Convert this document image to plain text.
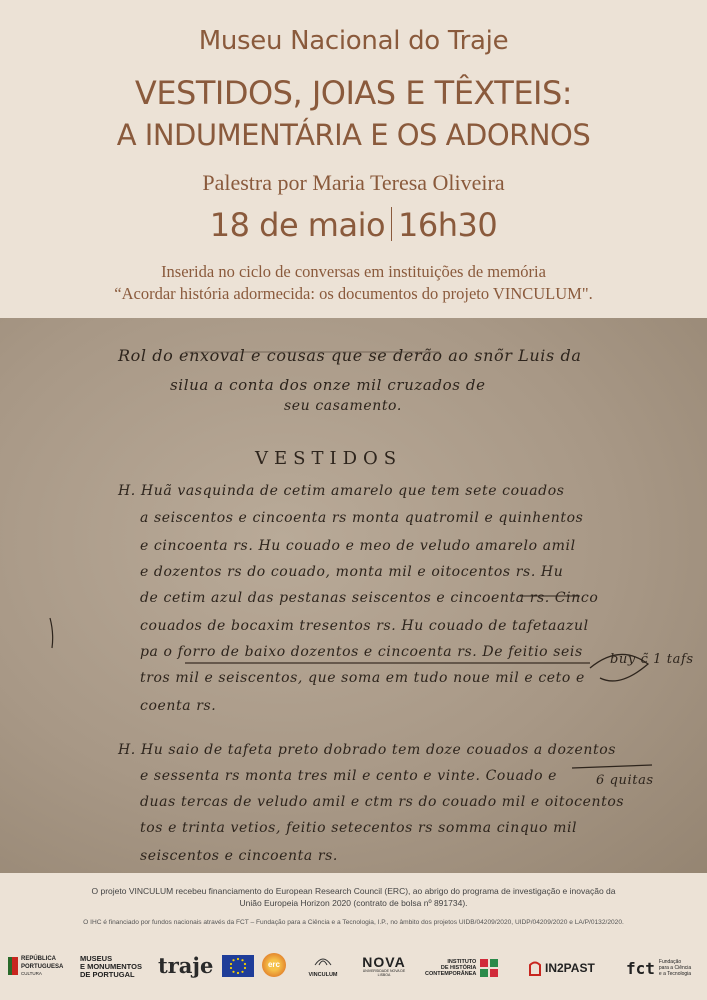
Museu Nacional do Traje
VESTIDOS, JOIAS E TÊXTEIS:
A INDUMENTÁRIA E OS ADORNOS
Palestra por Maria Teresa Oliveira
18 de maio 16h30
Inserida no ciclo de conversas em instituições de memória
“Acordar história adormecida: os documentos do projeto VINCULUM".
Rol do enxoval e cousas que se derão ao snõr Luis da
silua a conta dos onze mil cruzados de
seu casamento.
H. Huã vasquinda de cetim amarelo que tem sete couados
a seiscentos e cincoenta rs monta quatromil e quinhentos
e cincoenta rs. Hu couado e meo de veludo amarelo amil
e dozentos rs do couado, monta mil e oitocentos rs. Hu
de cetim azul das pestanas seiscentos e cincoenta rs. Cinco
couados de bocaxim tresentos rs. Hu couado de tafetaazul
pa o forro de baixo dozentos e cincoenta rs. De feitio seis
tros mil e seiscentos, que soma em tudo noue mil e ceto e
coenta rs.
H. Hu saio de tafeta preto dobrado tem doze couados a dozentos
e sessenta rs monta tres mil e cento e vinte. Couado e
duas tercas de veludo amil e ctm rs do couado mil e oitocentos
tos e trinta vetios, feitio setecentos rs somma cinquo mil
seiscentos e cincoenta rs.
VESTIDOS
buy c̃ 1 tafs
6 quitas
O projeto VINCULUM recebeu financiamento do European Research Council (ERC), ao abrigo do programa de investigação e inovação da
União Europeia Horizon 2020 (contrato de bolsa nº 891734).
O IHC é financiado por fundos nacionais através da FCT – Fundação para a Ciência e a Tecnologia, I.P., no âmbito dos projetos UIDB/04209/2020, UIDP/04209/2020 e LA/P/0132/2020.
REPÚBLICA
PORTUGUESA
CULTURA
MUSEUS
E MONUMENTOS
DE PORTUGAL	traje	erc
VINCULUM
NOVA
UNIVERSIDADE NOVA DE LISBOA
INSTITUTO
DE HISTÓRIA
CONTEMPORÂNEA	IN2PAST fct Fundação
para a Ciência
e a Tecnologia
